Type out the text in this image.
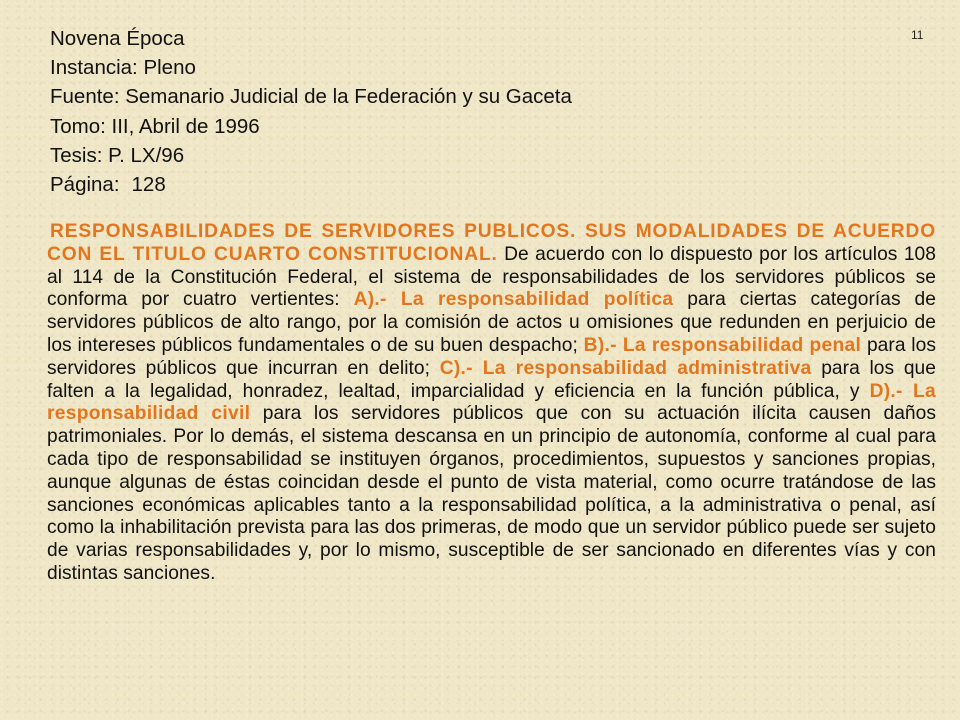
11
Novena Época
Instancia: Pleno
Fuente: Semanario Judicial de la Federación y su Gaceta
Tomo: III, Abril de 1996
Tesis: P. LX/96
Página: 128

RESPONSABILIDADES DE SERVIDORES PUBLICOS. SUS MODALIDADES DE ACUERDO CON EL TITULO CUARTO CONSTITUCIONAL. De acuerdo con lo dispuesto por los artículos 108 al 114 de la Constitución Federal, el sistema de responsabilidades de los servidores públicos se conforma por cuatro vertientes: A).- La responsabilidad política para ciertas categorías de servidores públicos de alto rango, por la comisión de actos u omisiones que redunden en perjuicio de los intereses públicos fundamentales o de su buen despacho; B).- La responsabilidad penal para los servidores públicos que incurran en delito; C).- La responsabilidad administrativa para los que falten a la legalidad, honradez, lealtad, imparcialidad y eficiencia en la función pública, y D).- La responsabilidad civil para los servidores públicos que con su actuación ilícita causen daños patrimoniales. Por lo demás, el sistema descansa en un principio de autonomía, conforme al cual para cada tipo de responsabilidad se instituyen órganos, procedimientos, supuestos y sanciones propias, aunque algunas de éstas coincidan desde el punto de vista material, como ocurre tratándose de las sanciones económicas aplicables tanto a la responsabilidad política, a la administrativa o penal, así como la inhabilitación prevista para las dos primeras, de modo que un servidor público puede ser sujeto de varias responsabilidades y, por lo mismo, susceptible de ser sancionado en diferentes vías y con distintas sanciones.
